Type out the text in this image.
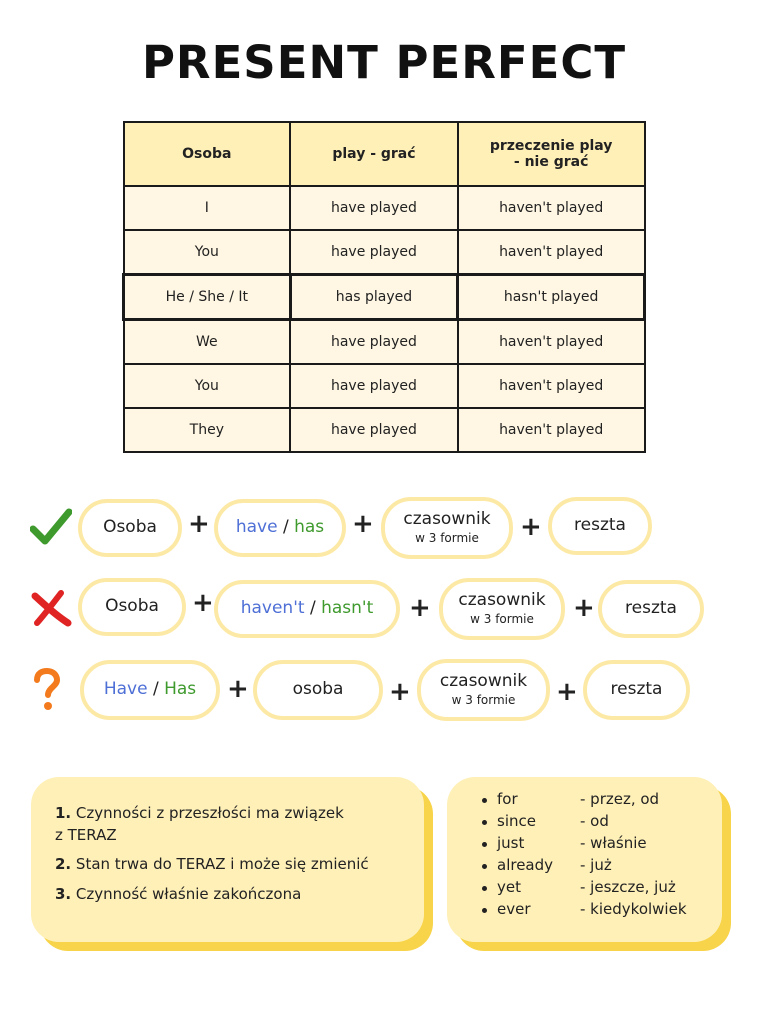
PRESENT PERFECT
Osoba	play - grać	przeczenie play
- nie grać
I	have played	haven't played
You	have played	haven't played
He / She / It	has played	hasn't played
We	have played	haven't played
You	have played	haven't played
They	have played	haven't played
Osoba + have / has + czasownik
w 3 formie + reszta
Osoba + haven't / hasn't + czasownik
w 3 formie + reszta
Have / Has +	osoba + czasownik
w 3 formie + reszta
1. Czynności z przeszłości ma związek
z TERAZ
2. Stan trwa do TERAZ i może się zmienić
3. Czynność właśnie zakończona
for	- przez, od
since	- od
just	- właśnie
already - już
yet	- jeszcze, już
ever	- kiedykolwiek
